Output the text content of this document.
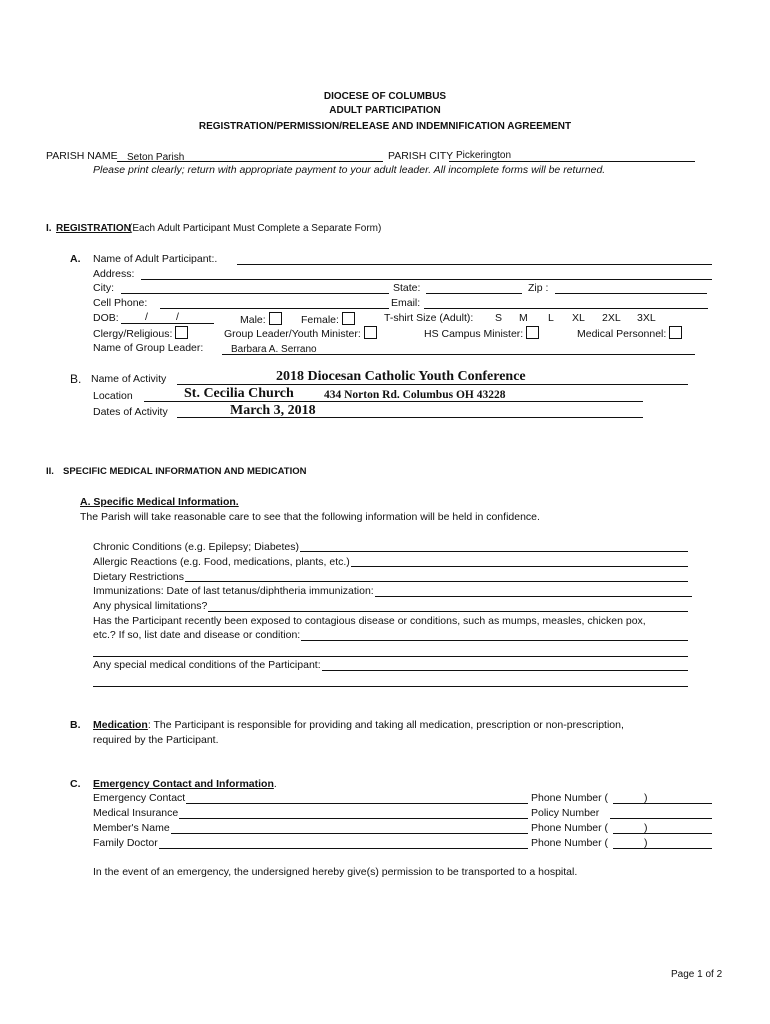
DIOCESE OF COLUMBUS
ADULT PARTICIPATION
REGISTRATION/PERMISSION/RELEASE AND INDEMNIFICATION AGREEMENT
PARISH NAME Seton Parish	PARISH CITY Pickerington
Please print clearly; return with appropriate payment to your adult leader. All incomplete forms will be returned.
I. REGISTRATION
(Each Adult Participant Must Complete a Separate Form)
A. Name of Adult Participant:.
Address:
City:	State:	Zip :
Cell Phone:	Email:
DOB:	/	/	Male:	Female:	T-shirt Size (Adult): S M L XL 2XL 3XL
Clergy/Religious:	Group Leader/Youth Minister:	HS Campus Minister:	Medical Personnel:
Name of Group Leader:	Barbara A. Serrano
B. Name of Activity	2018 Diocesan Catholic Youth Conference
Location	St. Cecilia Church	434 Norton Rd. Columbus OH 43228
Dates of Activity	March 3, 2018
II. SPECIFIC MEDICAL INFORMATION AND MEDICATION
A. Specific Medical Information.
The Parish will take reasonable care to see that the following information will be held in confidence.
Chronic Conditions (e.g. Epilepsy; Diabetes)
Allergic Reactions (e.g. Food, medications, plants, etc.)
Dietary Restrictions
Immunizations: Date of last tetanus/diphtheria immunization:
Any physical limitations?
Has the Participant recently been exposed to contagious disease or conditions, such as mumps, measles, chicken pox,
etc.? If so, list date and disease or condition:
Any special medical conditions of the Participant:
B. Medication: The Participant is responsible for providing and taking all medication, prescription or non-prescription,
required by the Participant.
C. Emergency Contact and Information.
Emergency Contact	Phone Number (	)
Medical Insurance	Policy Number
Member's Name	Phone Number (	)
Family Doctor	Phone Number (	)
In the event of an emergency, the undersigned hereby give(s) permission to be transported to a hospital.
Page 1 of 2
